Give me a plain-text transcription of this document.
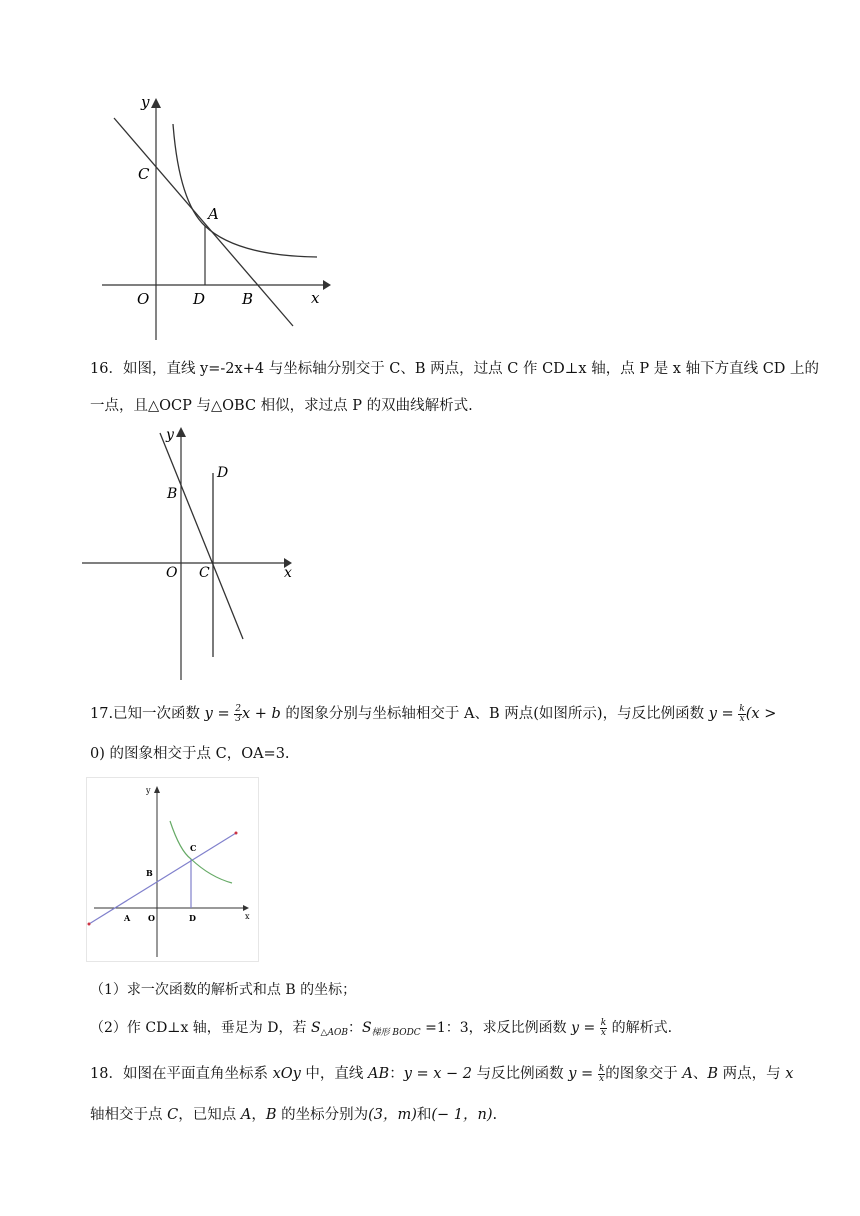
y
C
A
O	D B	x
16．如图，直线 y=-2x+4 与坐标轴分别交于 C、B 两点，过点 C 作 CD⊥x 轴，点 P 是 x 轴下方直线 CD 上的
一点，且△OCP 与△OBC 相似，求过点 P 的双曲线解析式.
y
D
B
O C	x
17.已知一次函数 $y = \frac{2}{3}$ x + b 的图象分别与坐标轴相交于 A、B 两点(如图所示)，与反比例函数 $y = \frac{k}{x} (x$ >
0) 的图象相交于点 C，OA=3.
y
C
B
A O	D	x
（1）求一次函数的解析式和点 B 的坐标；
（2）作 CD⊥x 轴，垂足为 D，若 $S_{\triangle AOB}$：$S_{梯形 BODC} =1$：3，求反比例函数 $y = \frac{k}{x}$ 的解析式.
18．如图在平面直角坐标系 xOy 中，直线 AB：y = x − 2 与反比例函数 $y = \frac{k}{x}$ 的图象交于 A、B 两点，与 x
轴相交于点 C，已知点 A，B 的坐标分别为(3，m)和(− 1，n).
